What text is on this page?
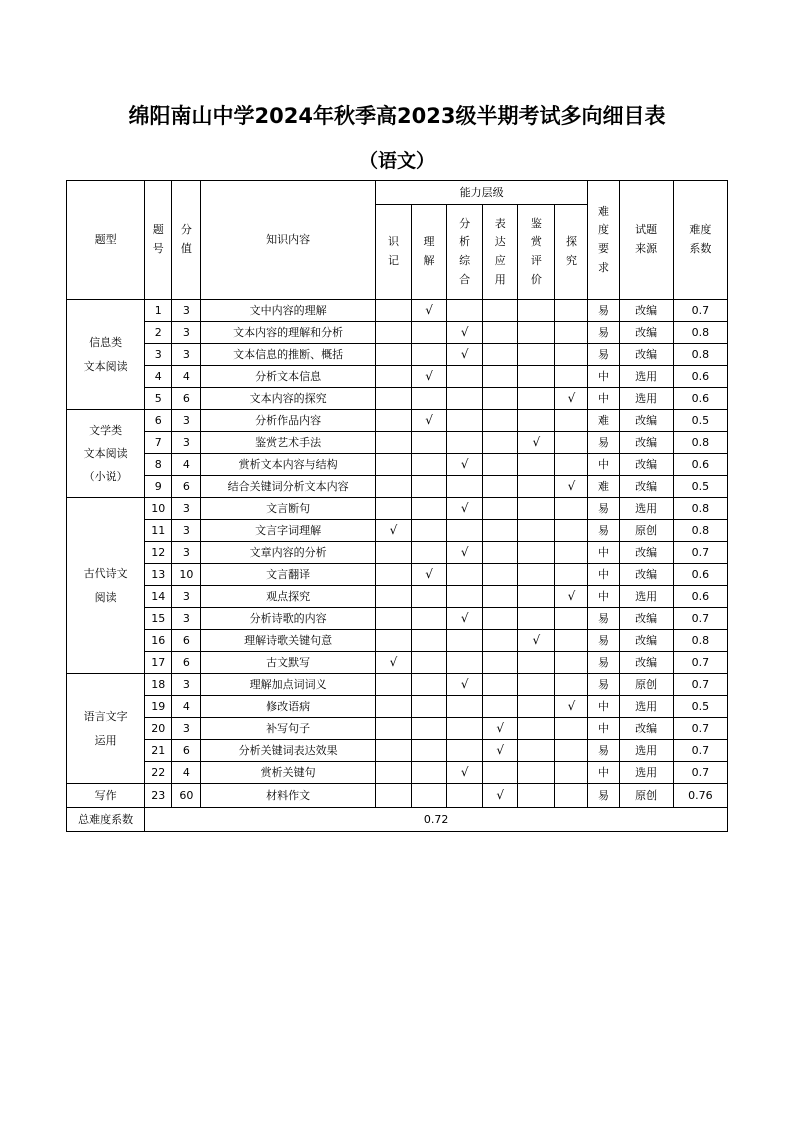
绵阳南山中学2024年秋季高2023级半期考试多向细目表
（语文）
题型	题号	分值	知识内容	能力层级						难度要求	试题来源	难度系数
				识记	理解	分析综合	表达应用	鉴赏评价	探究			

信息类
文本阅读	1	3	文中内容的理解		√					易	改编	0.7
	2	3	文本内容的理解和分析			√				易	改编	0.8
	3	3	文本信息的推断、概括			√				易	改编	0.8
	4	4	分析文本信息		√					中	选用	0.6
	5	6	文本内容的探究						√	中	选用	0.6

文学类
文本阅读
（小说）	6	3	分析作品内容		√					难	改编	0.5
	7	3	鉴赏艺术手法					√		易	改编	0.8
	8	4	赏析文本内容与结构			√				中	改编	0.6
	9	6	结合关键词分析文本内容						√	难	改编	0.5

古代诗文
阅读	10	3	文言断句			√				易	选用	0.8
	11	3	文言字词理解	√						易	原创	0.8
	12	3	文章内容的分析			√				中	改编	0.7
	13	10	文言翻译		√					中	改编	0.6
	14	3	观点探究						√	中	选用	0.6
	15	3	分析诗歌的内容			√				易	改编	0.7
	16	6	理解诗歌关键句意					√		易	改编	0.8
	17	6	古文默写	√						易	改编	0.7

语言文字
运用	18	3	理解加点词词义			√				易	原创	0.7
	19	4	修改语病						√	中	选用	0.5
	20	3	补写句子				√			中	改编	0.7
	21	6	分析关键词表达效果				√			易	选用	0.7
	22	4	赏析关键句			√				中	选用	0.7

写作	23	60	材料作文				√			易	原创	0.76
总难度系数	0.72											
